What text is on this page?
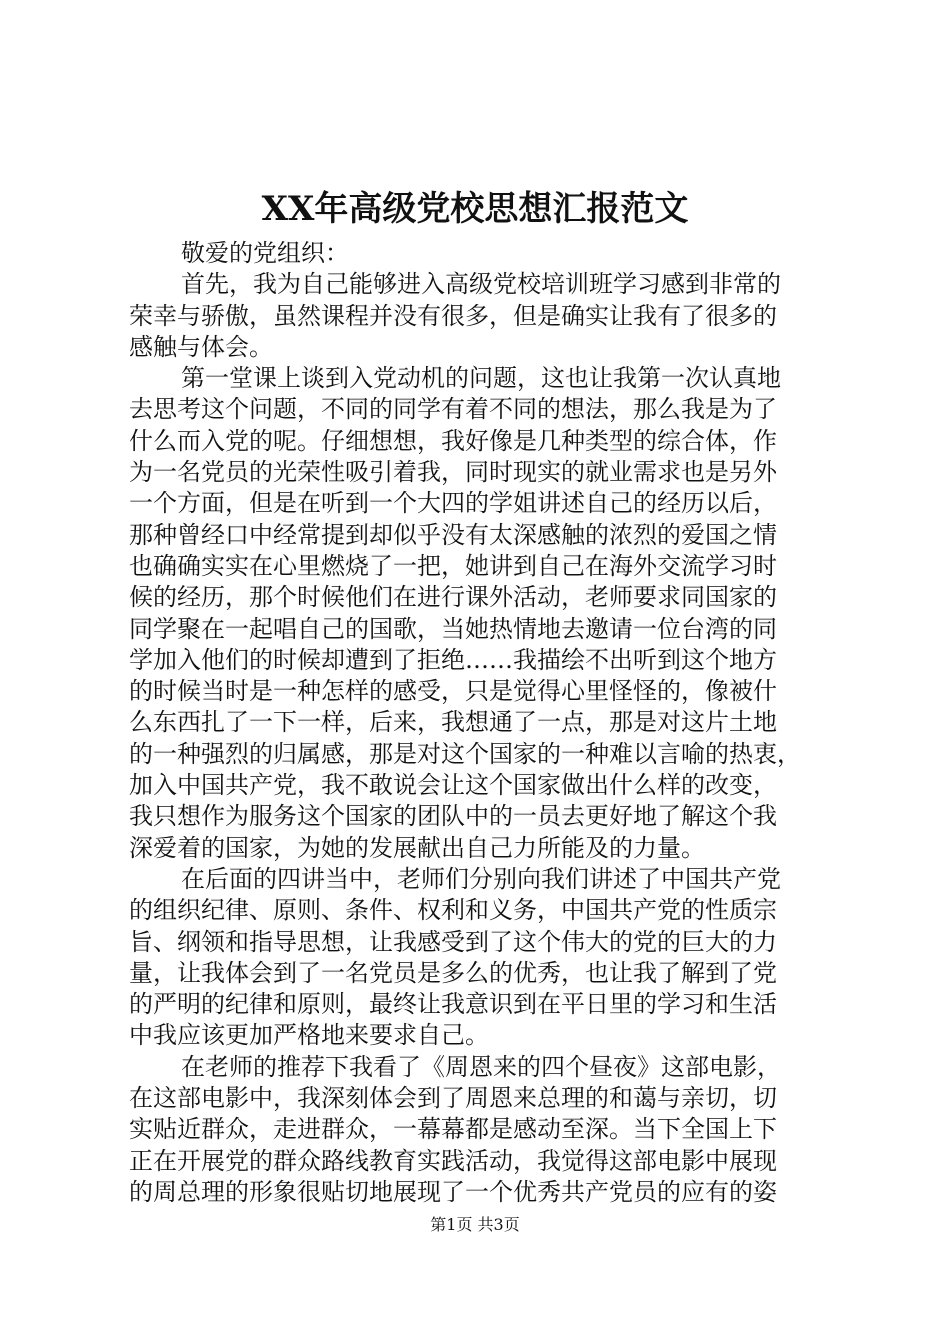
XX年高级党校思想汇报范文
敬爱的党组织：
首先，我为自己能够进入高级党校培训班学习感到非常的
荣幸与骄傲，虽然课程并没有很多，但是确实让我有了很多的
感触与体会。
第一堂课上谈到入党动机的问题，这也让我第一次认真地
去思考这个问题，不同的同学有着不同的想法，那么我是为了
什么而入党的呢。仔细想想，我好像是几种类型的综合体，作
为一名党员的光荣性吸引着我，同时现实的就业需求也是另外
一个方面，但是在听到一个大四的学姐讲述自己的经历以后，
那种曾经口中经常提到却似乎没有太深感触的浓烈的爱国之情
也确确实实在心里燃烧了一把，她讲到自己在海外交流学习时
候的经历，那个时候他们在进行课外活动，老师要求同国家的
同学聚在一起唱自己的国歌，当她热情地去邀请一位台湾的同
学加入他们的时候却遭到了拒绝……我描绘不出听到这个地方
的时候当时是一种怎样的感受，只是觉得心里怪怪的，像被什
么东西扎了一下一样，后来，我想通了一点，那是对这片土地
的一种强烈的归属感，那是对这个国家的一种难以言喻的热衷，
加入中国共产党，我不敢说会让这个国家做出什么样的改变，
我只想作为服务这个国家的团队中的一员去更好地了解这个我
深爱着的国家，为她的发展献出自己力所能及的力量。
在后面的四讲当中，老师们分别向我们讲述了中国共产党
的组织纪律、原则、条件、权利和义务，中国共产党的性质宗
旨、纲领和指导思想，让我感受到了这个伟大的党的巨大的力
量，让我体会到了一名党员是多么的优秀，也让我了解到了党
的严明的纪律和原则，最终让我意识到在平日里的学习和生活
中我应该更加严格地来要求自己。
在老师的推荐下我看了《周恩来的四个昼夜》这部电影，
在这部电影中，我深刻体会到了周恩来总理的和蔼与亲切，切
实贴近群众，走进群众，一幕幕都是感动至深。当下全国上下
正在开展党的群众路线教育实践活动，我觉得这部电影中展现
的周总理的形象很贴切地展现了一个优秀共产党员的应有的姿
第1页 共3页
